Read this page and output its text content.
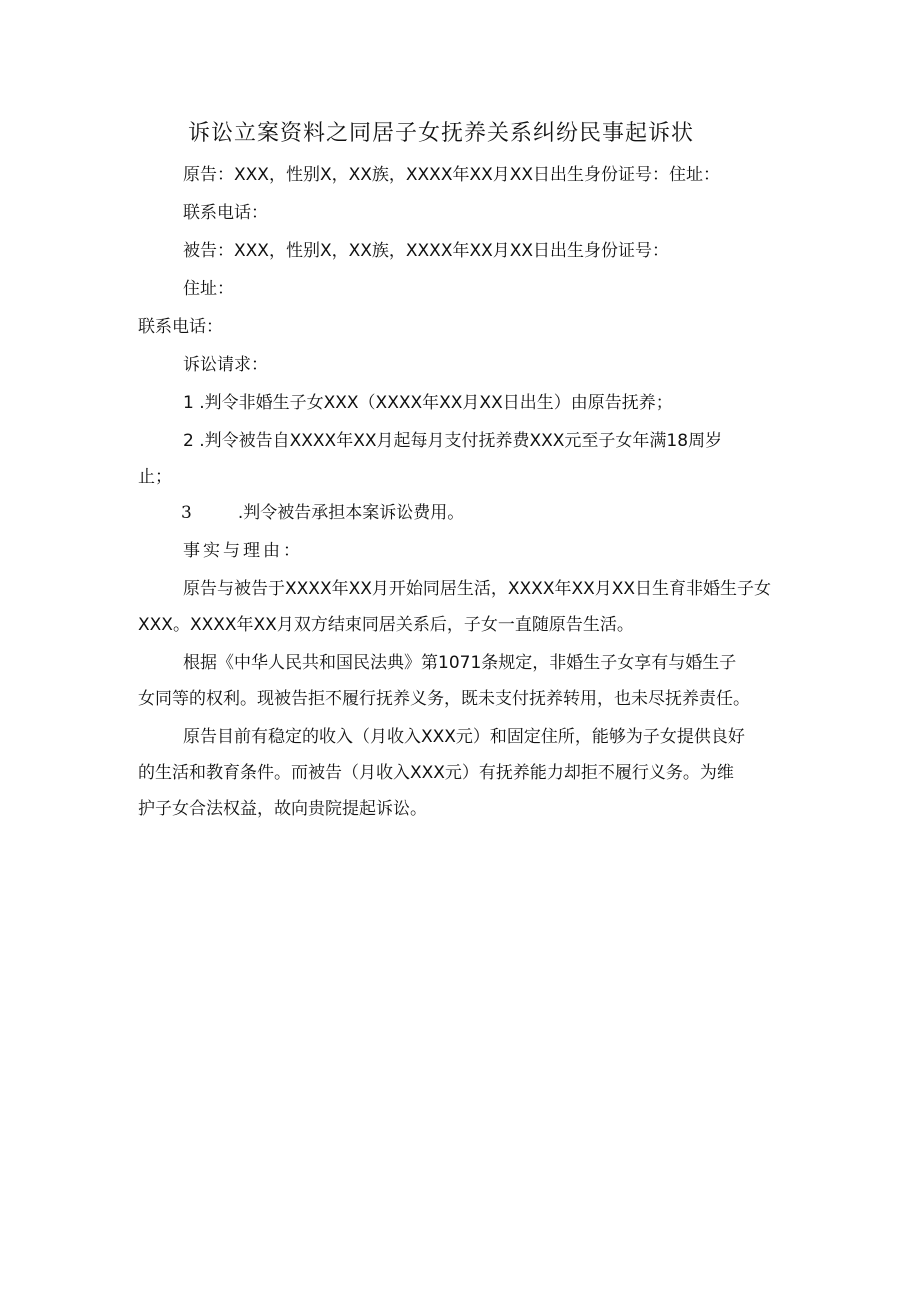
诉讼立案资料之同居子女抚养关系纠纷民事起诉状

原告：XXX，性别X，XX族，XXXX年XX月XX日出生身份证号：住址：

联系电话：

被告：XXX，性别X，XX族，XXXX年XX月XX日出生身份证号：

住址：

联系电话：

诉讼请求：

1 .判令非婚生子女XXX（XXXX年XX月XX日出生）由原告抚养；

2 .判令被告自XXXX年XX月起每月支付抚养费XXX元至子女年满18周岁

止；

3	.判令被告承担本案诉讼费用。

事实与理由：

原告与被告于XXXX年XX月开始同居生活，XXXX年XX月XX日生育非婚生子女

XXX。XXXX年XX月双方结束同居关系后，子女一直随原告生活。

根据《中华人民共和国民法典》第1071条规定，非婚生子女享有与婚生子

女同等的权利。现被告拒不履行抚养义务，既未支付抚养转用，也未尽抚养责任。

原告目前有稳定的收入（月收入XXX元）和固定住所，能够为子女提供良好

的生活和教育条件。而被告（月收入XXX元）有抚养能力却拒不履行义务。为维

护子女合法权益，故向贵院提起诉讼。
